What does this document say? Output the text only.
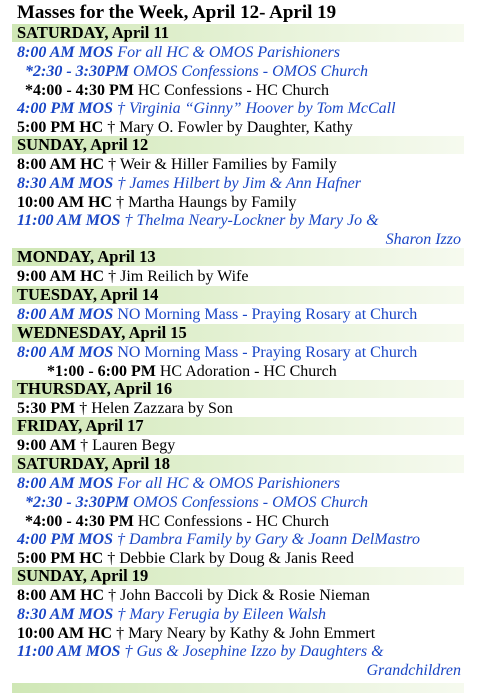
Masses for the Week, April 12- April 19
SATURDAY, April 11
8:00 AM MOS For all HC & OMOS Parishioners
*2:30 - 3:30PM OMOS Confessions - OMOS Church
*4:00 - 4:30 PM HC Confessions - HC Church
4:00 PM MOS † Virginia “Ginny” Hoover by Tom McCall
5:00 PM HC † Mary O. Fowler by Daughter, Kathy
SUNDAY, April 12
8:00 AM HC † Weir & Hiller Families by Family
8:30 AM MOS † James Hilbert by Jim & Ann Hafner
10:00 AM HC † Martha Haungs by Family
11:00 AM MOS † Thelma Neary-Lockner by Mary Jo &
Sharon Izzo
MONDAY, April 13
9:00 AM HC † Jim Reilich by Wife
TUESDAY, April 14
8:00 AM MOS NO Morning Mass - Praying Rosary at Church
WEDNESDAY, April 15
8:00 AM MOS NO Morning Mass - Praying Rosary at Church
*1:00 - 6:00 PM HC Adoration - HC Church
THURSDAY, April 16
5:30 PM † Helen Zazzara by Son
FRIDAY, April 17
9:00 AM † Lauren Begy
SATURDAY, April 18
8:00 AM MOS For all HC & OMOS Parishioners
*2:30 - 3:30PM OMOS Confessions - OMOS Church
*4:00 - 4:30 PM HC Confessions - HC Church
4:00 PM MOS † Dambra Family by Gary & Joann DelMastro
5:00 PM HC † Debbie Clark by Doug & Janis Reed
SUNDAY, April 19
8:00 AM HC † John Baccoli by Dick & Rosie Nieman
8:30 AM MOS † Mary Ferugia by Eileen Walsh
10:00 AM HC † Mary Neary by Kathy & John Emmert
11:00 AM MOS † Gus & Josephine Izzo by Daughters &
Grandchildren
